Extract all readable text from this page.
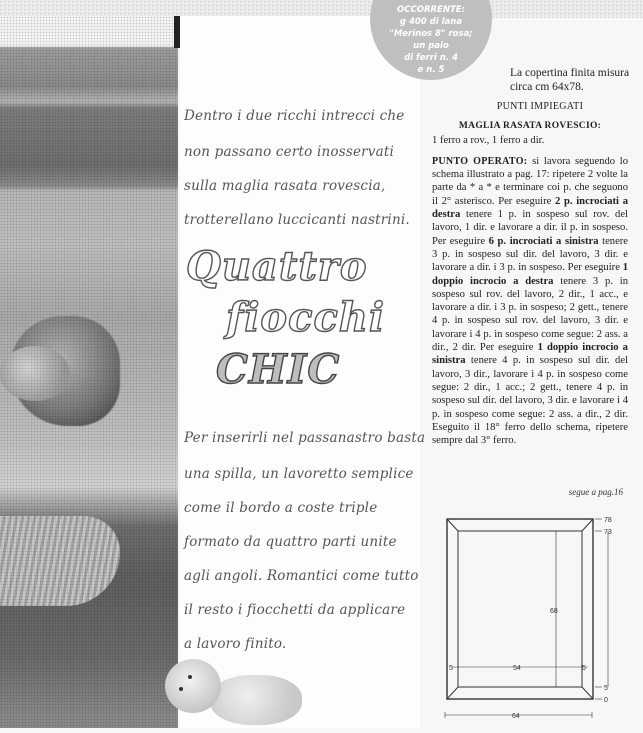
Dentro i due ricchi intrecci che
non passano certo inosservati
sulla maglia rasata rovescia,
trotterellano luccicanti nastrini.
Quattro
fiocchi
CHIC
Per inserirli nel passanastro basta
una spilla, un lavoretto semplice
come il bordo a coste triple
formato da quattro parti unite
agli angoli. Romantici come tutto
il resto i fiocchetti da applicare
a lavoro finito.
OCCORRENTE:
g 400 di lana
"Merinos 8" rosa;
un paio
di ferri n. 4
e n. 5	La copertina finita misura circa cm 64x78.
PUNTI IMPIEGATI
MAGLIA RASATA ROVESCIO:

1 ferro a rov., 1 ferro a dir.

PUNTO OPERATO: si lavora seguendo lo schema illustrato a pag. 17: ripetere 2 volte la parte da * a * e terminare coi p. che seguono il 2° asterisco. Per eseguire 2 p. incrociati a destra tenere 1 p. in sospeso sul rov. del lavoro, 1 dir. e lavorare a dir. il p. in sospeso. Per eseguire 6 p. incrociati a sinistra tenere 3 p. in sospeso sul dir. del lavoro, 3 dir. e lavorare a dir. i 3 p. in sospeso. Per eseguire 1 doppio incrocio a destra tenere 3 p. in sospeso sul rov. del lavoro, 2 dir., 1 acc., e lavorare a dir. i 3 p. in sospeso; 2 gett., tenere 4 p. in sospeso sul rov. del lavoro, 3 dir. e lavorare i 4 p. in sospeso come segue: 2 ass. a dir., 2 dir. Per eseguire 1 doppio incrocio a sinistra tenere 4 p. in sospeso sul dir. del lavoro, 3 dir., lavorare i 4 p. in sospeso come segue: 2 dir., 1 acc.; 2 gett., tenere 4 p. in sospeso sul dir. del lavoro, 3 dir. e lavorare i 4 p. in sospeso come segue: 2 ass. a dir., 2 dir. Eseguito il 18° ferro dello schema, ripetere sempre dal 3° ferro.

segue a pag.16
78
73
68
54
5	5
5
0
64
